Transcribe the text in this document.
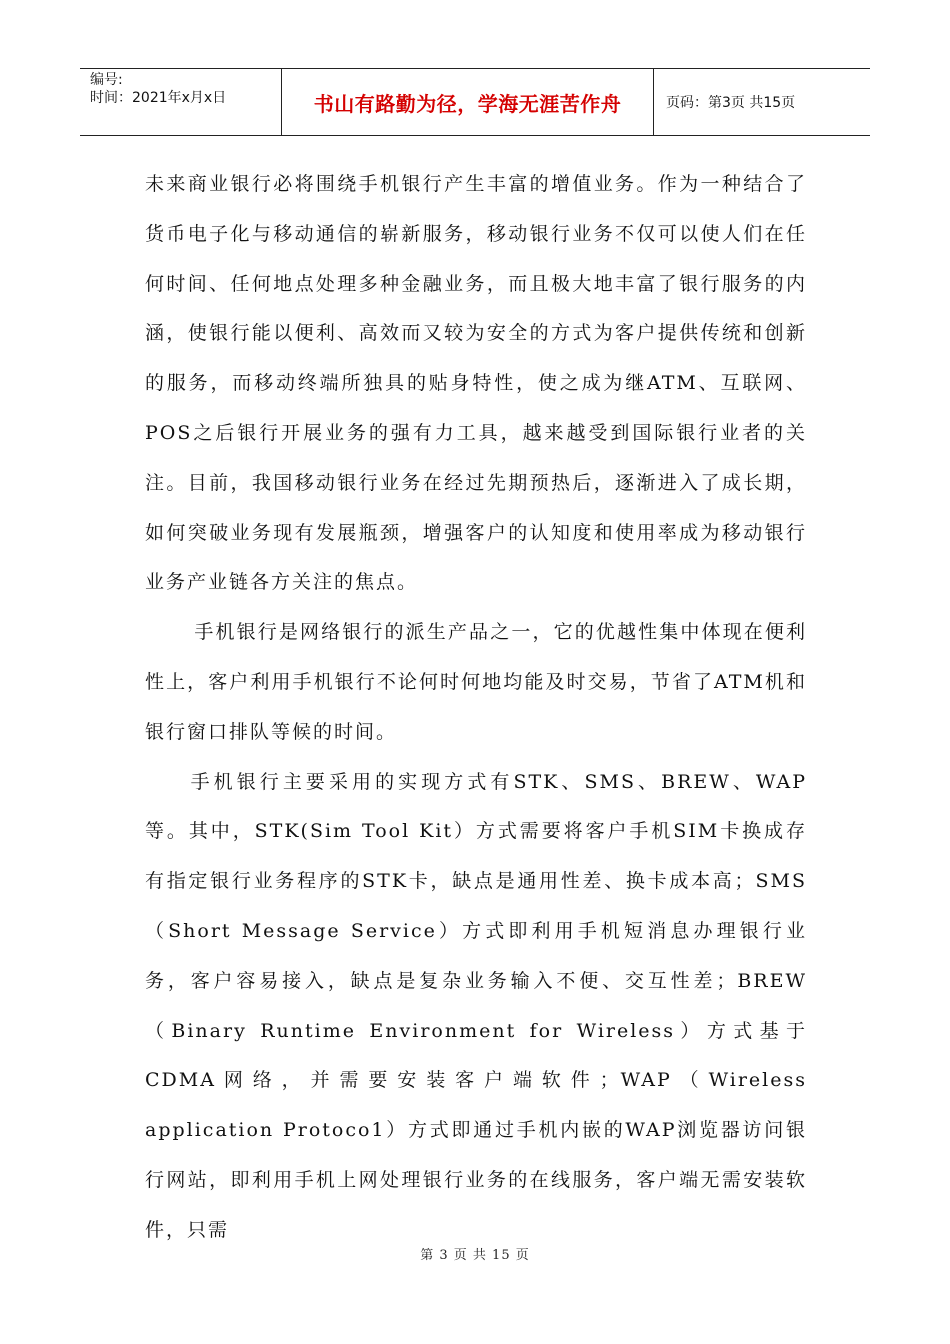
编号:
时间：2021年x月x日	书山有路勤为径，学海无涯苦作舟	页码：第3页 共15页

未来商业银行必将围绕手机银行产生丰富的增值业务。作为一种结合了货币电子化与移动通信的崭新服务，移动银行业务不仅可以使人们在任何时间、任何地点处理多种金融业务，而且极大地丰富了银行服务的内涵，使银行能以便利、高效而又较为安全的方式为客户提供传统和创新的服务，而移动终端所独具的贴身特性，使之成为继ATM、互联网、POS之后银行开展业务的强有力工具，越来越受到国际银行业者的关注。目前，我国移动银行业务在经过先期预热后，逐渐进入了成长期，如何突破业务现有发展瓶颈，增强客户的认知度和使用率成为移动银行业务产业链各方关注的焦点。

手机银行是网络银行的派生产品之一，它的优越性集中体现在便利性上，客户利用手机银行不论何时何地均能及时交易，节省了ATM机和银行窗口排队等候的时间。

手机银行主要采用的实现方式有STK、SMS、BREW、WAP等。其中，STK(Sim Tool Kit）方式需要将客户手机SIM卡换成存有指定银行业务程序的STK卡，缺点是通用性差、换卡成本高；SMS（Short Message Service）方式即利用手机短消息办理银行业务，客户容易接入，缺点是复杂业务输入不便、交互性差；BREW（Binary Runtime Environment for Wireless）方式基于CDMA网络，并需要安装客户端软件；WAP（Wireless application Protoco1）方式即通过手机内嵌的WAP浏览器访问银行网站，即利用手机上网处理银行业务的在线服务，客户端无需安装软件，只需

第 3 页 共 15 页
